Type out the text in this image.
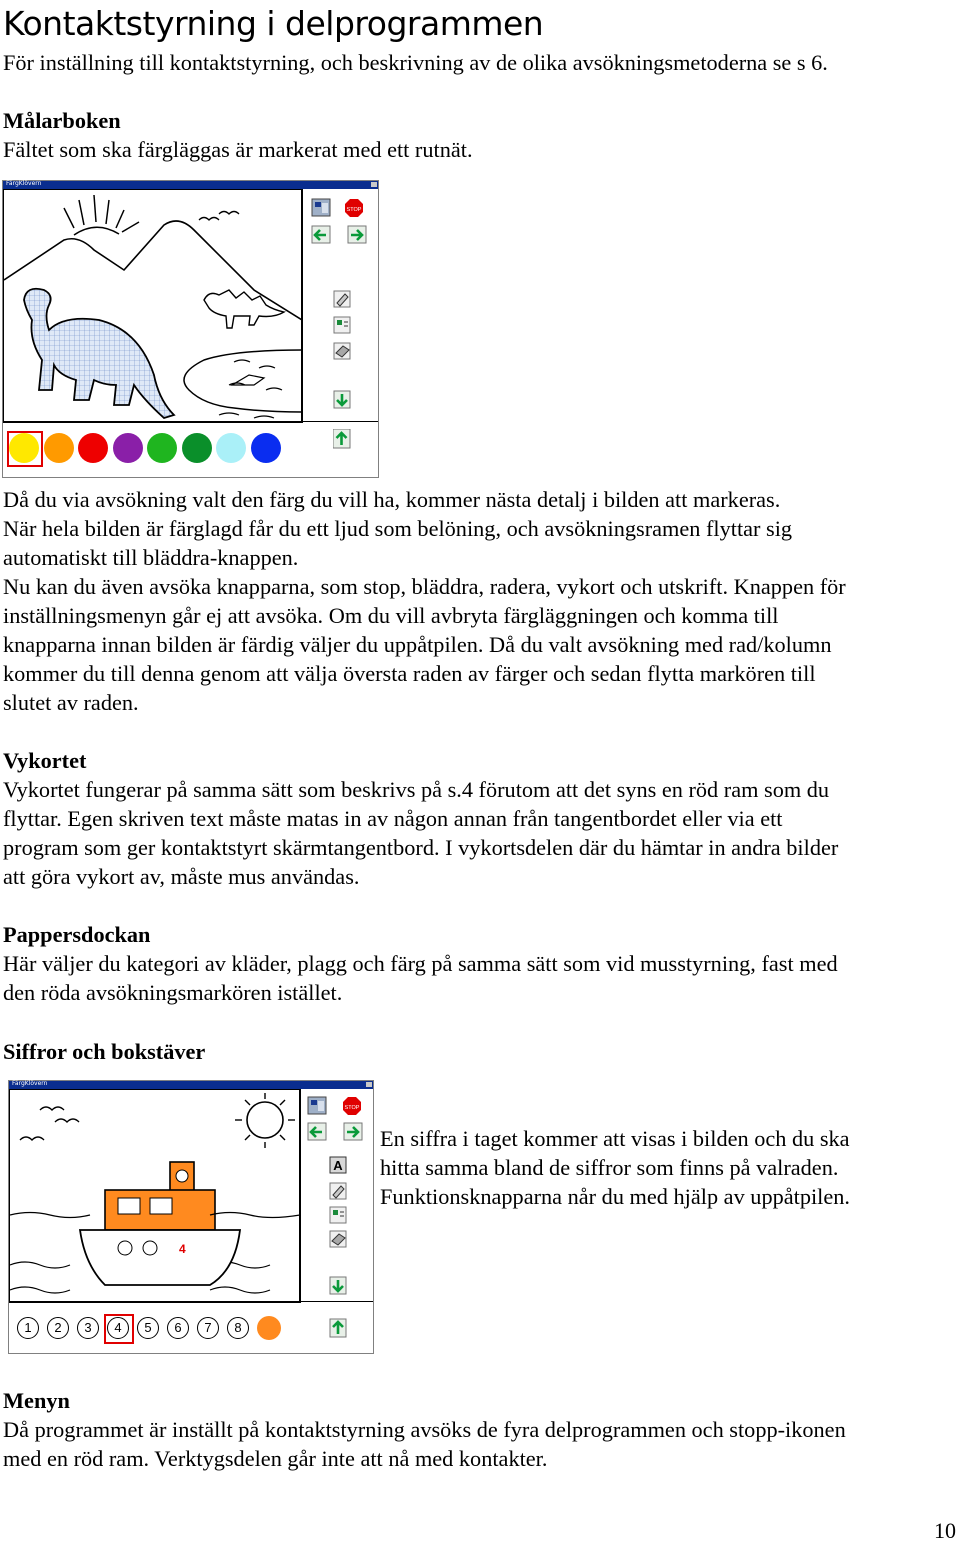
Kontaktstyrning i delprogrammen

För inställning till kontaktstyrning, och beskrivning av de olika avsökningsmetoderna se s 6.

Målarboken

Fältet som ska färgläggas är markerat med ett rutnät.

FärgKlövern
STOP

Då du via avsökning valt den färg du vill ha, kommer nästa detalj i bilden att markeras.

När hela bilden är färglagd får du ett ljud som belöning, och avsökningsramen flyttar sig

automatiskt till bläddra-knappen.

Nu kan du även avsöka knapparna, som stop, bläddra, radera, vykort och utskrift. Knappen för

inställningsmenyn går ej att avsöka. Om du vill avbryta färgläggningen och komma till

knapparna innan bilden är färdig väljer du uppåtpilen. Då du valt avsökning med rad/kolumn

kommer du till denna genom att välja översta raden av färger och sedan flytta markören till

slutet av raden.

Vykortet

Vykortet fungerar på samma sätt som beskrivs på s.4 förutom att det syns en röd ram som du

flyttar. Egen skriven text måste matas in av någon annan från tangentbordet eller via ett

program som ger kontaktstyrt skärmtangentbord. I vykortsdelen där du hämtar in andra bilder

att göra vykort av, måste mus användas.

Pappersdockan

Här väljer du kategori av kläder, plagg och färg på samma sätt som vid musstyrning, fast med

den röda avsökningsmarkören istället.

Siffror och bokstäver

FärgKlövern
4
STOP
A
1	2	3	4	5	6	7	8

En siffra i taget kommer att visas i bilden och du ska

hitta samma bland de siffror som finns på valraden.

Funktionsknapparna når du med hjälp av uppåtpilen.

Menyn

Då programmet är inställt på kontaktstyrning avsöks de fyra delprogrammen och stopp-ikonen

med en röd ram. Verktygsdelen går inte att nå med kontakter.

10
